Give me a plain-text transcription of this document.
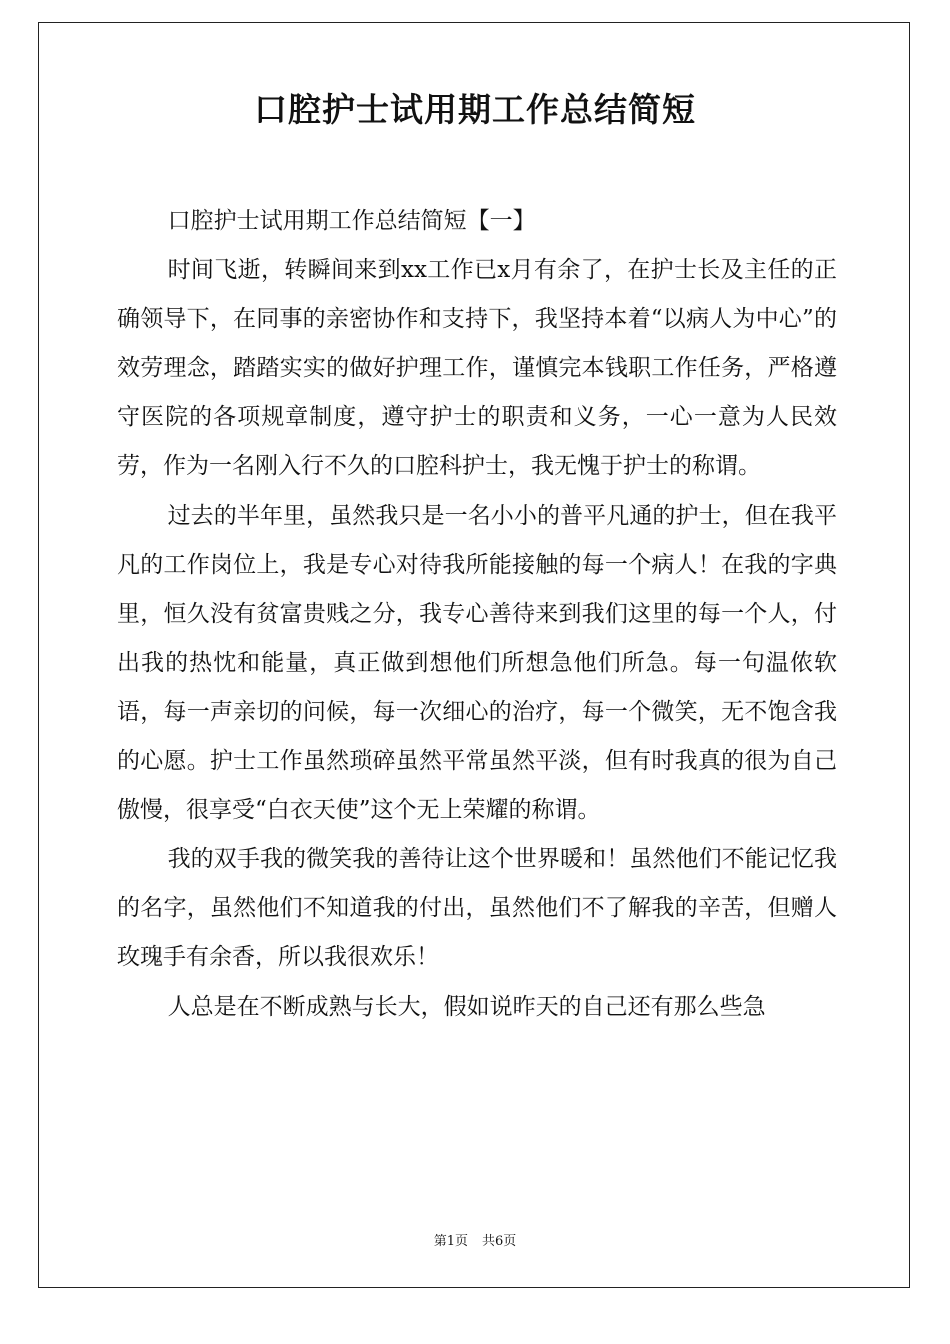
口腔护士试用期工作总结简短

口腔护士试用期工作总结简短【一】

时间飞逝，转瞬间来到xx工作已x月有余了，在护士长及主任的正确领导下，在同事的亲密协作和支持下，我坚持本着“以病人为中心”的效劳理念，踏踏实实的做好护理工作，谨慎完本钱职工作任务，严格遵守医院的各项规章制度，遵守护士的职责和义务，一心一意为人民效劳，作为一名刚入行不久的口腔科护士，我无愧于护士的称谓。

过去的半年里，虽然我只是一名小小的普平凡通的护士，但在我平凡的工作岗位上，我是专心对待我所能接触的每一个病人！在我的字典里，恒久没有贫富贵贱之分，我专心善待来到我们这里的每一个人，付出我的热忱和能量，真正做到想他们所想急他们所急。每一句温侬软语，每一声亲切的问候，每一次细心的治疗，每一个微笑，无不饱含我的心愿。护士工作虽然琐碎虽然平常虽然平淡，但有时我真的很为自己傲慢，很享受“白衣天使”这个无上荣耀的称谓。

我的双手我的微笑我的善待让这个世界暖和！虽然他们不能记忆我的名字，虽然他们不知道我的付出，虽然他们不了解我的辛苦，但赠人玫瑰手有余香，所以我很欢乐！

人总是在不断成熟与长大，假如说昨天的自己还有那么些急

第1页 共6页
